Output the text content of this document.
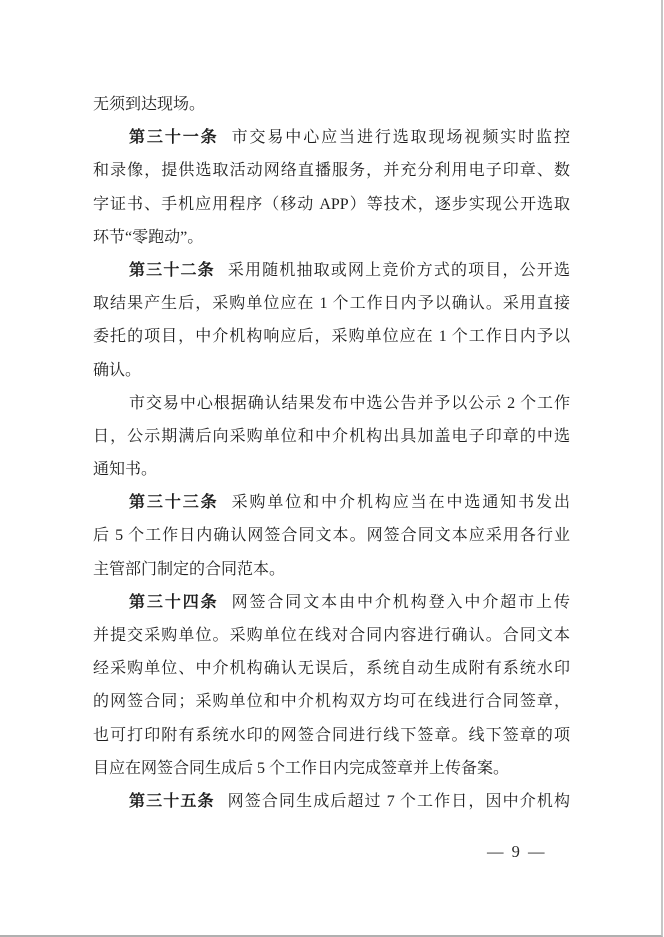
无须到达现场。
第三十一条 市交易中心应当进行选取现场视频实时监控
和录像，提供选取活动网络直播服务，并充分利用电子印章、数
字证书、手机应用程序（移动 APP）等技术，逐步实现公开选取
环节“零跑动”。
第三十二条 采用随机抽取或网上竞价方式的项目，公开选
取结果产生后，采购单位应在 1 个工作日内予以确认。采用直接
委托的项目，中介机构响应后，采购单位应在 1 个工作日内予以
确认。
市交易中心根据确认结果发布中选公告并予以公示 2 个工作
日，公示期满后向采购单位和中介机构出具加盖电子印章的中选
通知书。
第三十三条 采购单位和中介机构应当在中选通知书发出
后 5 个工作日内确认网签合同文本。网签合同文本应采用各行业
主管部门制定的合同范本。
第三十四条 网签合同文本由中介机构登入中介超市上传
并提交采购单位。采购单位在线对合同内容进行确认。合同文本
经采购单位、中介机构确认无误后，系统自动生成附有系统水印
的网签合同；采购单位和中介机构双方均可在线进行合同签章，
也可打印附有系统水印的网签合同进行线下签章。线下签章的项
目应在网签合同生成后 5 个工作日内完成签章并上传备案。
第三十五条 网签合同生成后超过 7 个工作日，因中介机构
— 9 —
